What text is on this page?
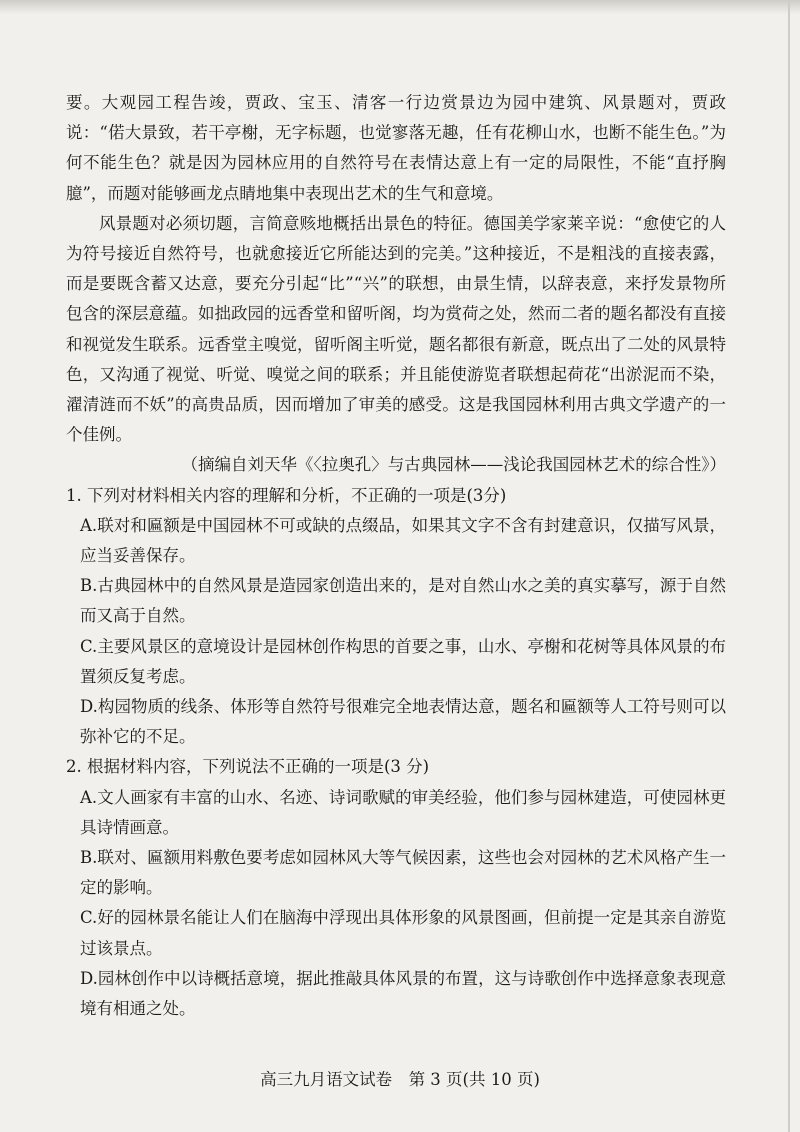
要。大观园工程告竣，贾政、宝玉、清客一行边赏景边为园中建筑、风景题对，贾政说：“偌大景致，若干亭榭，无字标题，也觉寥落无趣，任有花柳山水，也断不能生色。”为何不能生色？就是因为园林应用的自然符号在表情达意上有一定的局限性，不能“直抒胸臆”，而题对能够画龙点睛地集中表现出艺术的生气和意境。

风景题对必须切题，言简意赅地概括出景色的特征。德国美学家莱辛说：“愈使它的人为符号接近自然符号，也就愈接近它所能达到的完美。”这种接近，不是粗浅的直接表露，而是要既含蓄又达意，要充分引起“比”“兴”的联想，由景生情，以辞表意，来抒发景物所包含的深层意蕴。如拙政园的远香堂和留听阁，均为赏荷之处，然而二者的题名都没有直接和视觉发生联系。远香堂主嗅觉，留听阁主听觉，题名都很有新意，既点出了二处的风景特色，又沟通了视觉、听觉、嗅觉之间的联系；并且能使游览者联想起荷花“出淤泥而不染，濯清涟而不妖”的高贵品质，因而增加了审美的感受。这是我国园林利用古典文学遗产的一个佳例。

（摘编自刘天华《〈拉奥孔〉与古典园林——浅论我国园林艺术的综合性》）

1. 下列对材料相关内容的理解和分析，不正确的一项是(3分)

A.联对和匾额是中国园林不可或缺的点缀品，如果其文字不含有封建意识，仅描写风景，应当妥善保存。

B.古典园林中的自然风景是造园家创造出来的，是对自然山水之美的真实摹写，源于自然而又高于自然。

C.主要风景区的意境设计是园林创作构思的首要之事，山水、亭榭和花树等具体风景的布置须反复考虑。

D.构园物质的线条、体形等自然符号很难完全地表情达意，题名和匾额等人工符号则可以弥补它的不足。

2. 根据材料内容，下列说法不正确的一项是(3 分)

A.文人画家有丰富的山水、名迹、诗词歌赋的审美经验，他们参与园林建造，可使园林更具诗情画意。

B.联对、匾额用料敷色要考虑如园林风大等气候因素，这些也会对园林的艺术风格产生一定的影响。

C.好的园林景名能让人们在脑海中浮现出具体形象的风景图画，但前提一定是其亲自游览过该景点。

D.园林创作中以诗概括意境，据此推敲具体风景的布置，这与诗歌创作中选择意象表现意境有相通之处。

高三九月语文试卷　第 3 页(共 10 页)
